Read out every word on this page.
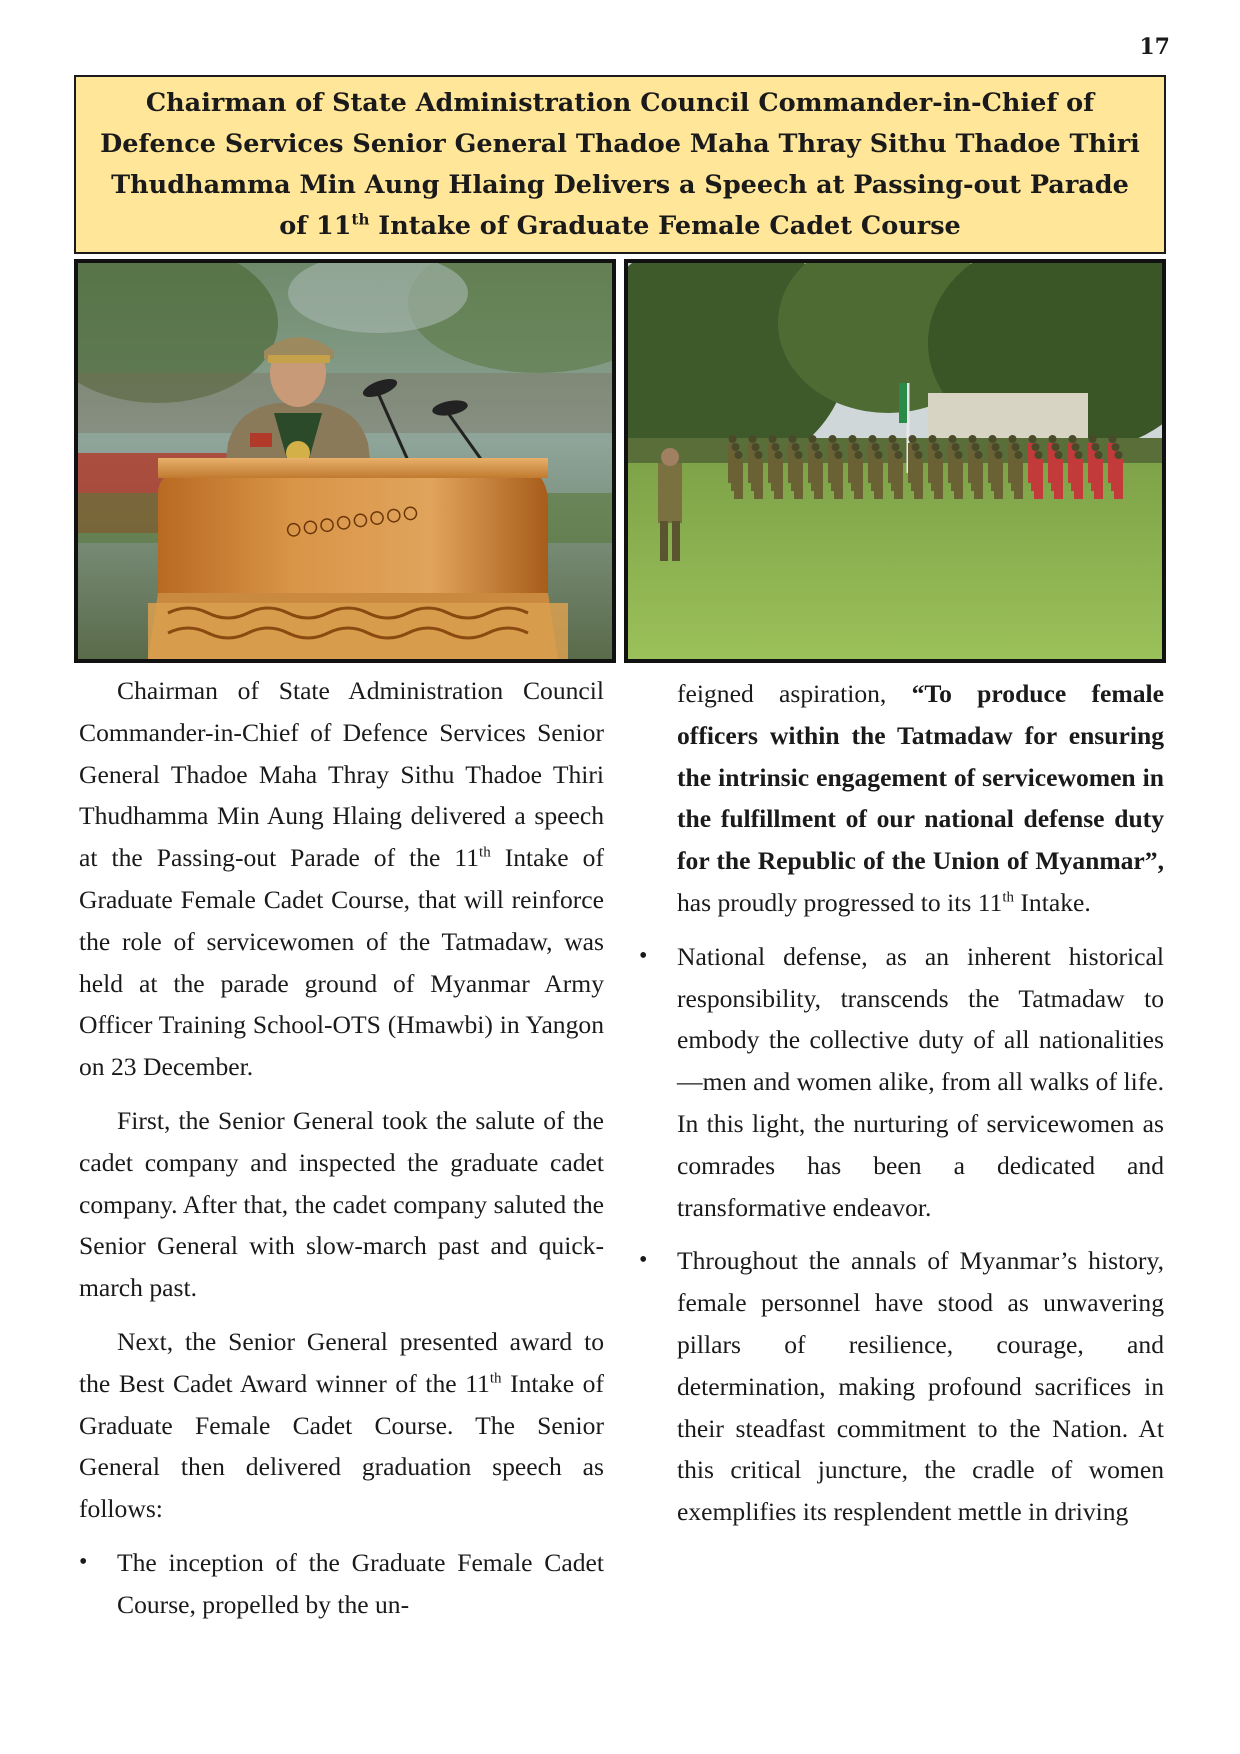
17
Chairman of State Administration Council Commander-in-Chief of Defence Services Senior General Thadoe Maha Thray Sithu Thadoe Thiri Thudhamma Min Aung Hlaing Delivers a Speech at Passing-out Parade of 11th Intake of Graduate Female Cadet Course
ဝဝဝဝဝဝဝဝ

Chairman of State Administration Council Commander-in-Chief of Defence Services Senior General Thadoe Maha Thray Sithu Thadoe Thiri Thudhamma Min Aung Hlaing delivered a speech at the Passing-out Parade of the 11th Intake of Graduate Female Cadet Course, that will reinforce the role of servicewomen of the Tatmadaw, was held at the parade ground of Myanmar Army Officer Training School-OTS (Hmawbi) in Yangon on 23 December.

First, the Senior General took the salute of the cadet company and inspected the graduate cadet company. After that, the cadet company saluted the Senior General with slow-march past and quick-march past.

Next, the Senior General presented award to the Best Cadet Award winner of the 11th Intake of Graduate Female Cadet Course. The Senior General then delivered graduation speech as follows:

• The inception of the Graduate Female Cadet Course, propelled by the un-
feigned aspiration, “To produce female officers within the Tatmadaw for ensuring the intrinsic engagement of servicewomen in the fulfillment of our national defense duty for the Republic of the Union of Myanmar”, has proudly progressed to its 11th Intake.
• National defense, as an inherent historical responsibility, transcends the Tatmadaw to embody the collective duty of all nationalities—men and women alike, from all walks of life. In this light, the nurturing of servicewomen as comrades has been a dedicated and transformative endeavor.
• Throughout the annals of Myanmar’s history, female personnel have stood as unwavering pillars of resilience, courage, and determination, making profound sacrifices in their steadfast commitment to the Nation. At this critical juncture, the cradle of women exemplifies its resplendent mettle in driving
